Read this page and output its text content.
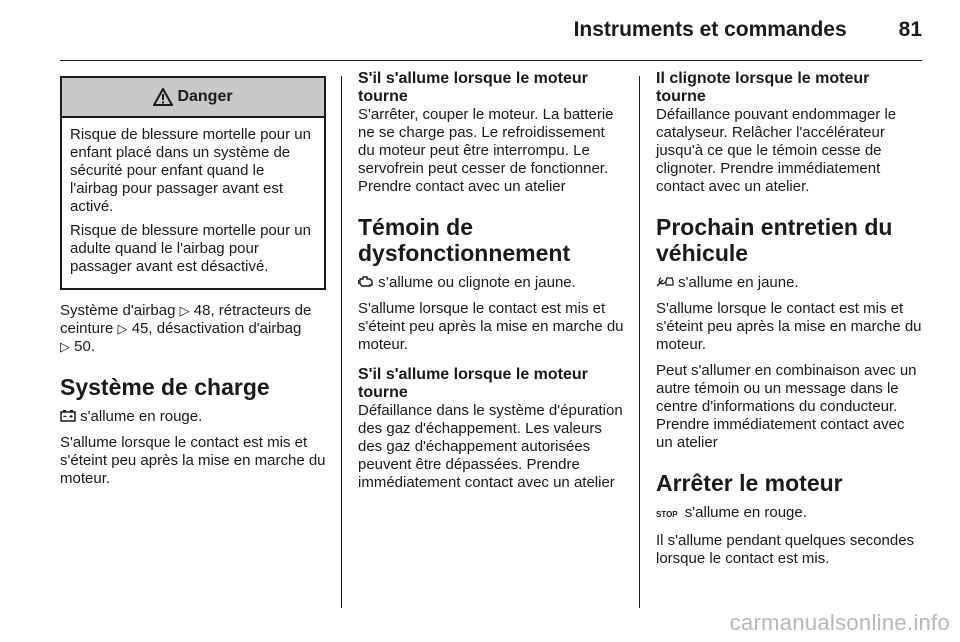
Instruments et commandes 81
Danger

Risque de blessure mortelle pour un enfant placé dans un système de sécurité pour enfant quand le l'airbag pour passager avant est activé.

Risque de blessure mortelle pour un adulte quand le l'airbag pour passager avant est désactivé.

Système d'airbag ▷ 48, rétracteurs de ceinture ▷ 45, désactivation d'airbag ▷ 50.

Système de charge

s'allume en rouge.

S'allume lorsque le contact est mis et s'éteint peu après la mise en marche du moteur.

S'il s'allume lorsque le moteur tourne

S'arrêter, couper le moteur. La batterie ne se charge pas. Le refroidissement du moteur peut être interrompu. Le servofrein peut cesser de fonctionner. Prendre contact avec un atelier

Témoin de dysfonctionnement

s’allume ou clignote en jaune.

S'allume lorsque le contact est mis et s'éteint peu après la mise en marche du moteur.

S'il s'allume lorsque le moteur tourne

Défaillance dans le système d'épuration des gaz d'échappement. Les valeurs des gaz d'échappement autorisées peuvent être dépassées. Prendre immédiatement contact avec un atelier

Il clignote lorsque le moteur tourne

Défaillance pouvant endommager le catalyseur. Relâcher l'accélérateur jusqu'à ce que le témoin cesse de clignoter. Prendre immédiatement contact avec un atelier.

Prochain entretien du véhicule

s'allume en jaune.

S'allume lorsque le contact est mis et s'éteint peu après la mise en marche du moteur.

Peut s'allumer en combinaison avec un autre témoin ou un message dans le centre d'informations du conducteur. Prendre immédiatement contact avec un atelier

Arrêter le moteur

STOP s'allume en rouge.

Il s'allume pendant quelques secondes lorsque le contact est mis.

carmanualsonline.info
